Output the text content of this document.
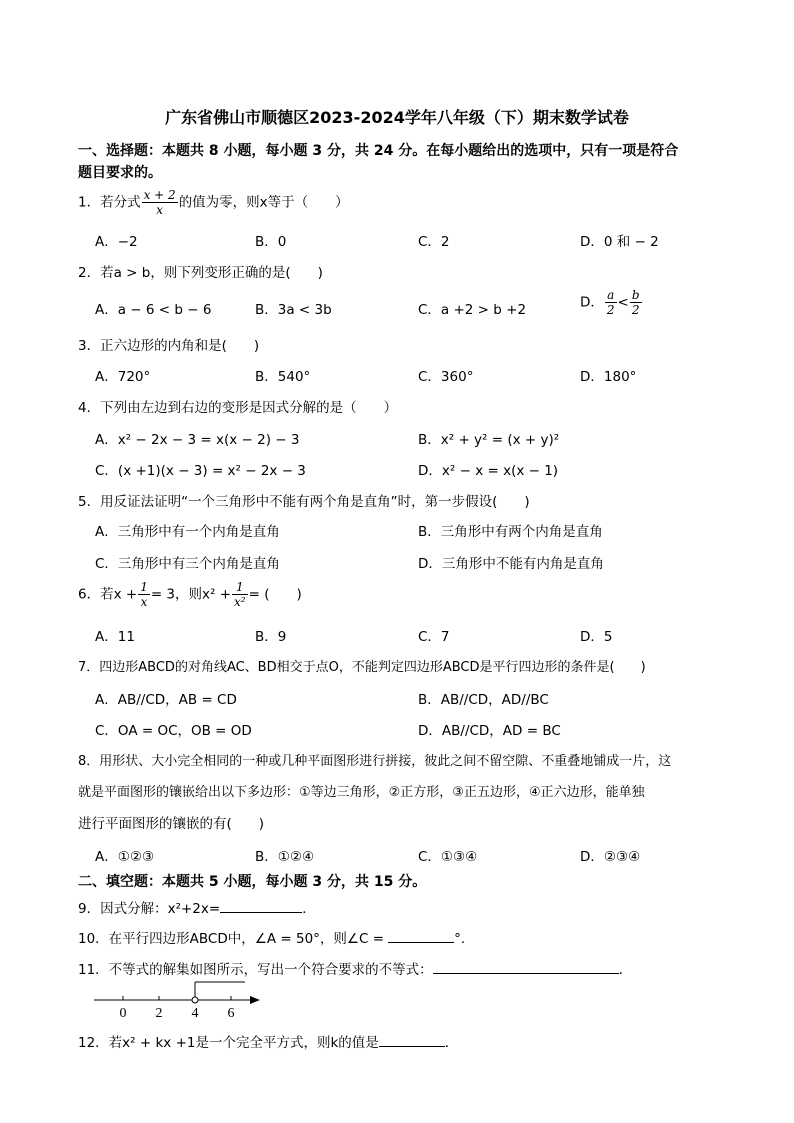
广东省佛山市顺德区2023-2024学年八年级（下）期末数学试卷
一、选择题：本题共 8 小题，每小题 3 分，共 24 分。在每小题给出的选项中，只有一项是符合
题目要求的。
1．若分式 $\frac{x + 2}{x}$ 的值为零，则x等于（　　）
A．−2	B．0	C．2	D．0 和 − 2
2．若a > b，则下列变形正确的是(　　)
A．a − 6 < b − 6	B．3a < 3b	C．a +2 > b +2	D． $\frac{a}{2} < \frac{b}{2}$
3．正六边形的内角和是(　　)
A．720°	B．540°	C．360°	D．180°
4．下列由左边到右边的变形是因式分解的是（　　）
A．x² − 2x − 3 = x(x − 2) − 3	B．x² + y² = (x + y)²
C．(x +1)(x − 3) = x² − 2x − 3	D．x² − x = x(x − 1)
5．用反证法证明“一个三角形中不能有两个角是直角”时，第一步假设(　　)
A．三角形中有一个内角是直角	B．三角形中有两个内角是直角
C．三角形中有三个内角是直角	D．三角形中不能有内角是直角
6．若$x + \frac{1}{x} = 3$，则$x^2 + \frac{1}{\text{x²}}$ = (　　)
A．11	B．9	C．7	D．5
7．四边形ABCD的对角线AC、BD相交于点O，不能判定四边形ABCD是平行四边形的条件是(　　)
A．AB//CD，AB = CD	B．AB//CD，AD//BC
C．OA = OC，OB = OD	D．AB//CD，AD = BC
8．用形状、大小完全相同的一种或几种平面图形进行拼接，彼此之间不留空隙、不重叠地铺成一片，这
就是平面图形的镶嵌给出以下多边形：①等边三角形，②正方形，③正五边形，④正六边形，能单独
进行平面图形的镶嵌的有(　　)
A．①②③	B．①②④	C．①③④	D．②③④
二、填空题：本题共 5 小题，每小题 3 分，共 15 分。
9．因式分解：x²+2x=	．
10．在平行四边形ABCD中，∠A = 50°，则∠C =	°.
11．不等式的解集如图所示，写出一个符合要求的不等式：	．
0 2 4 6
12．若x² + kx +1是一个完全平方式，则k的值是	．
